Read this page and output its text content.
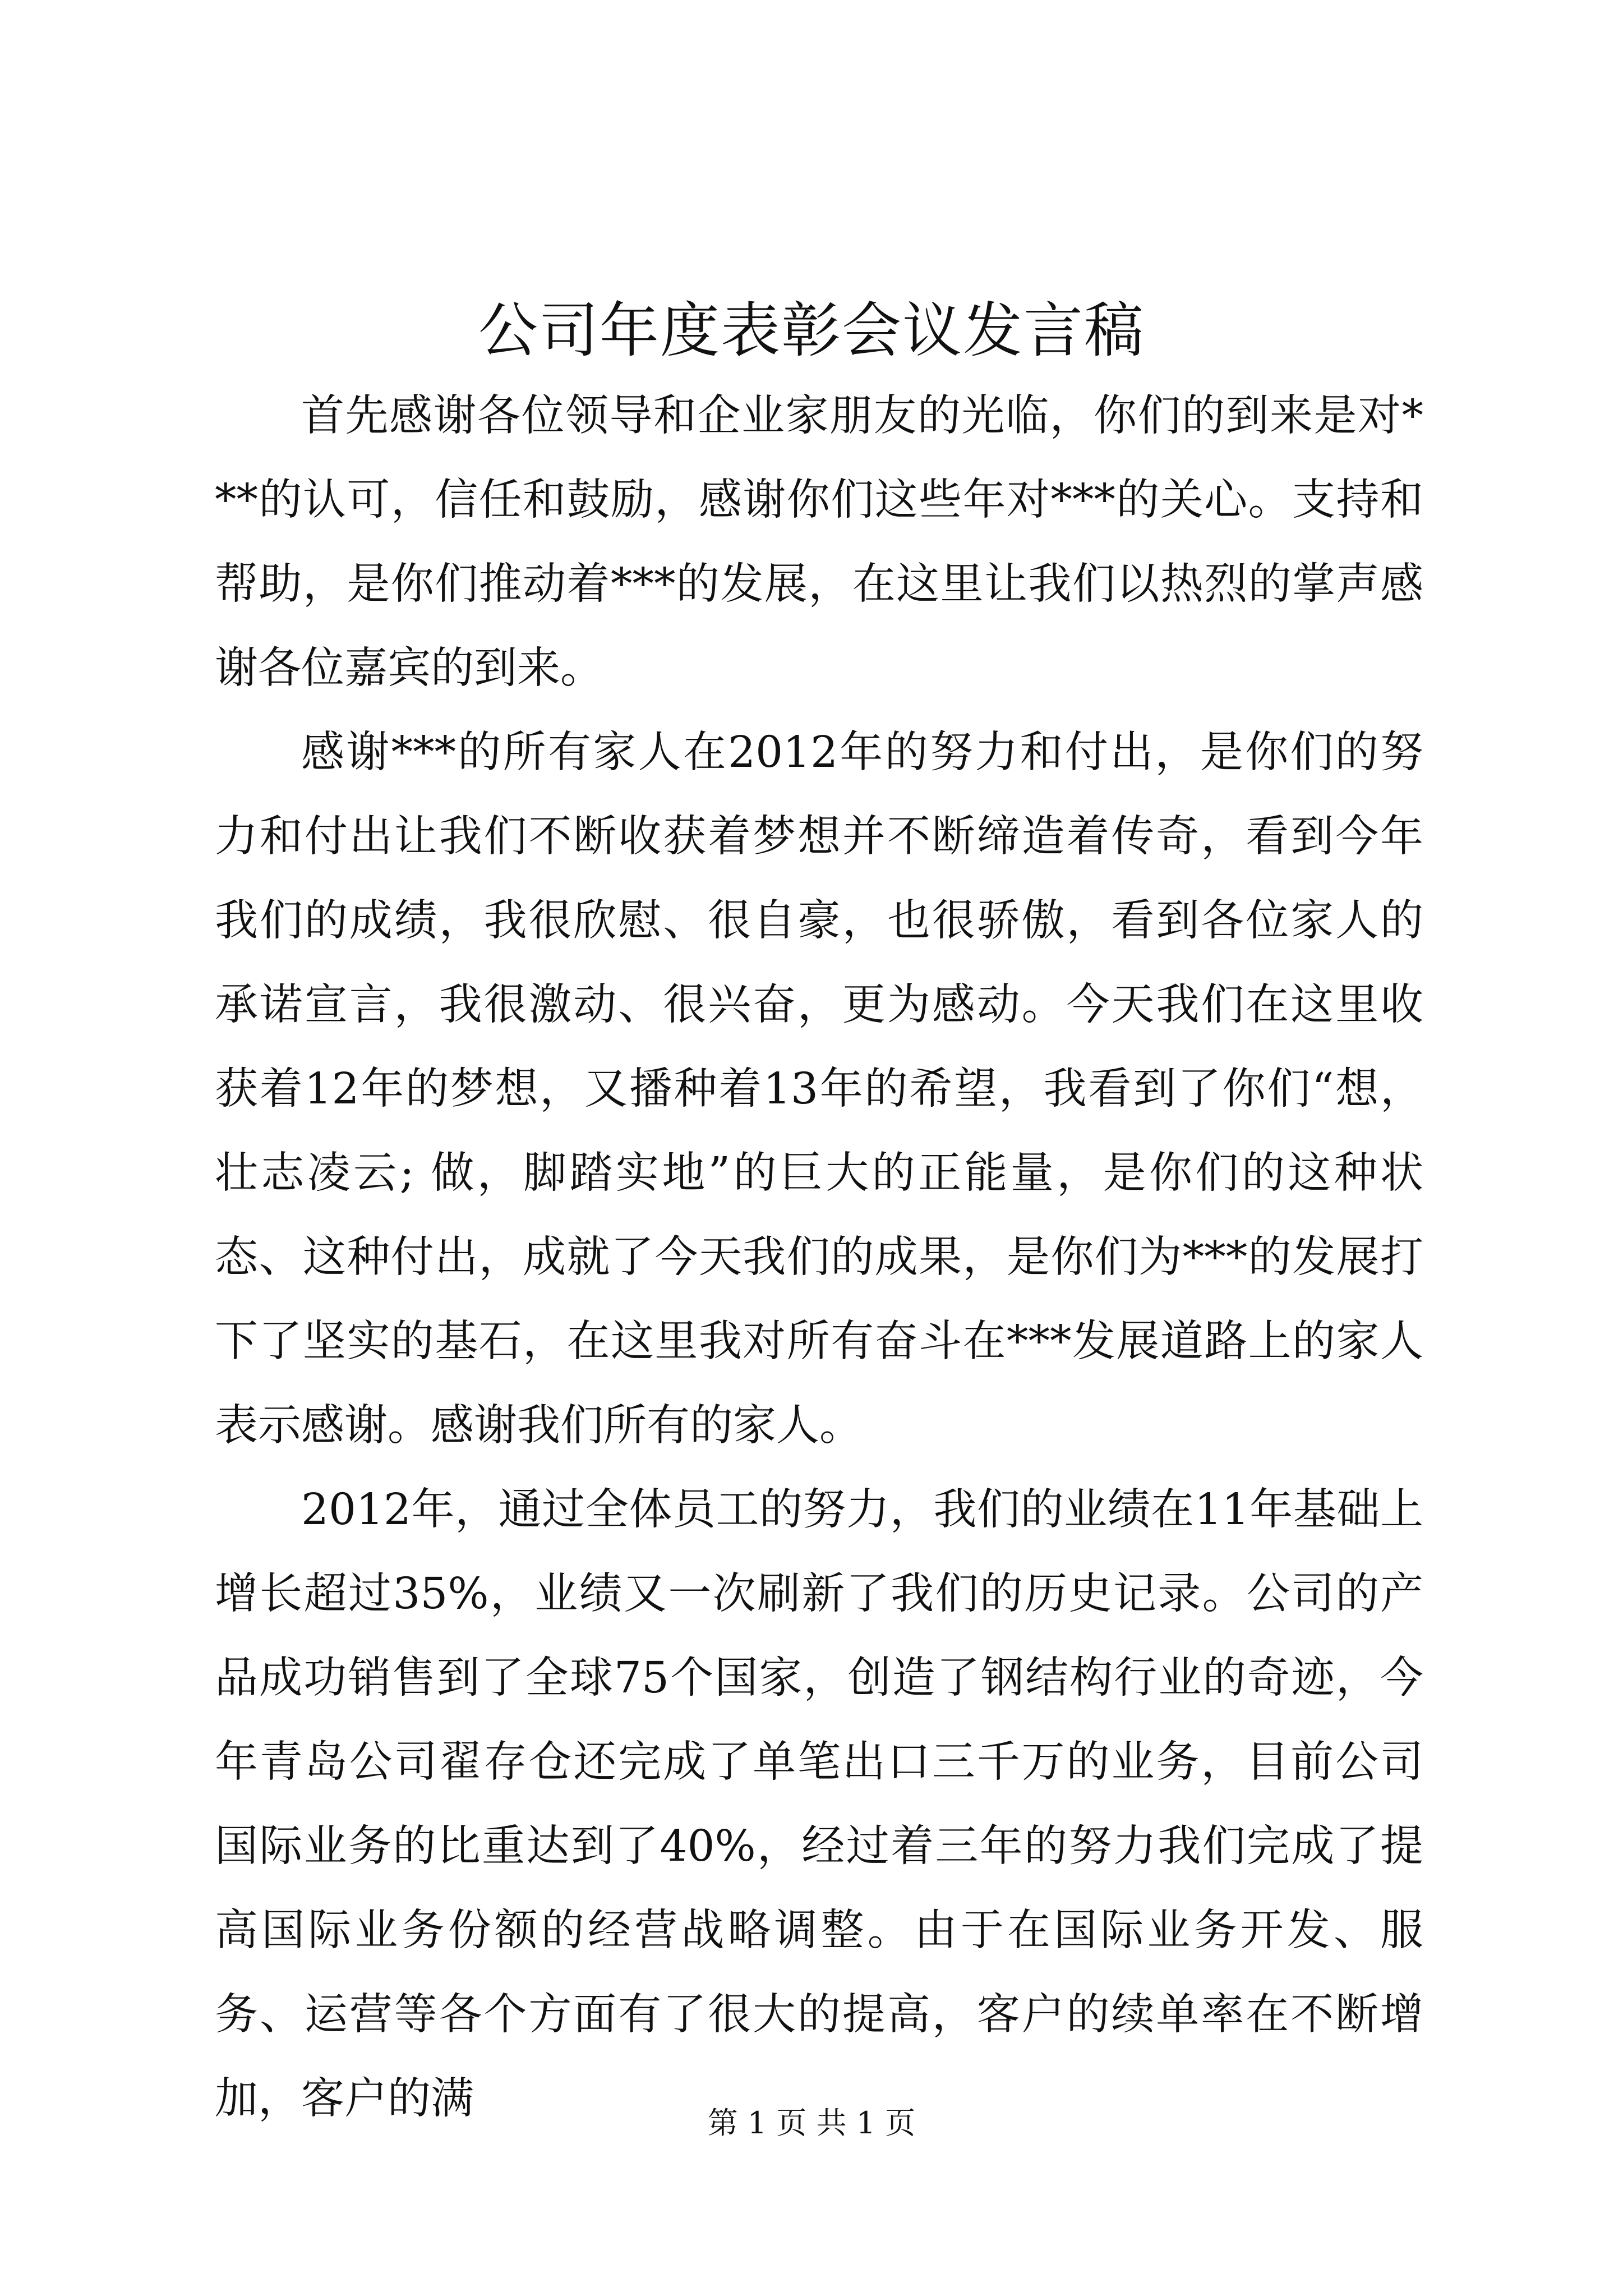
公司年度表彰会议发言稿

首先感谢各位领导和企业家朋友的光临，你们的到来是对***的认可，信任和鼓励，感谢你们这些年对***的关心。支持和帮助，是你们推动着***的发展，在这里让我们以热烈的掌声感谢各位嘉宾的到来。

感谢***的所有家人在2012年的努力和付出，是你们的努力和付出让我们不断收获着梦想并不断缔造着传奇，看到今年我们的成绩，我很欣慰、很自豪，也很骄傲，看到各位家人的承诺宣言，我很激动、很兴奋，更为感动。今天我们在这里收获着12年的梦想，又播种着13年的希望，我看到了你们“想，壮志凌云; 做，脚踏实地”的巨大的正能量，是你们的这种状态、这种付出，成就了今天我们的成果，是你们为***的发展打下了坚实的基石，在这里我对所有奋斗在***发展道路上的家人表示感谢。感谢我们所有的家人。

2012年，通过全体员工的努力，我们的业绩在11年基础上增长超过35%，业绩又一次刷新了我们的历史记录。公司的产品成功销售到了全球75个国家，创造了钢结构行业的奇迹，今年青岛公司翟存仓还完成了单笔出口三千万的业务，目前公司国际业务的比重达到了40%，经过着三年的努力我们完成了提高国际业务份额的经营战略调整。由于在国际业务开发、服务、运营等各个方面有了很大的提高，客户的续单率在不断增加，客户的满	第 1 页 共 1 页
